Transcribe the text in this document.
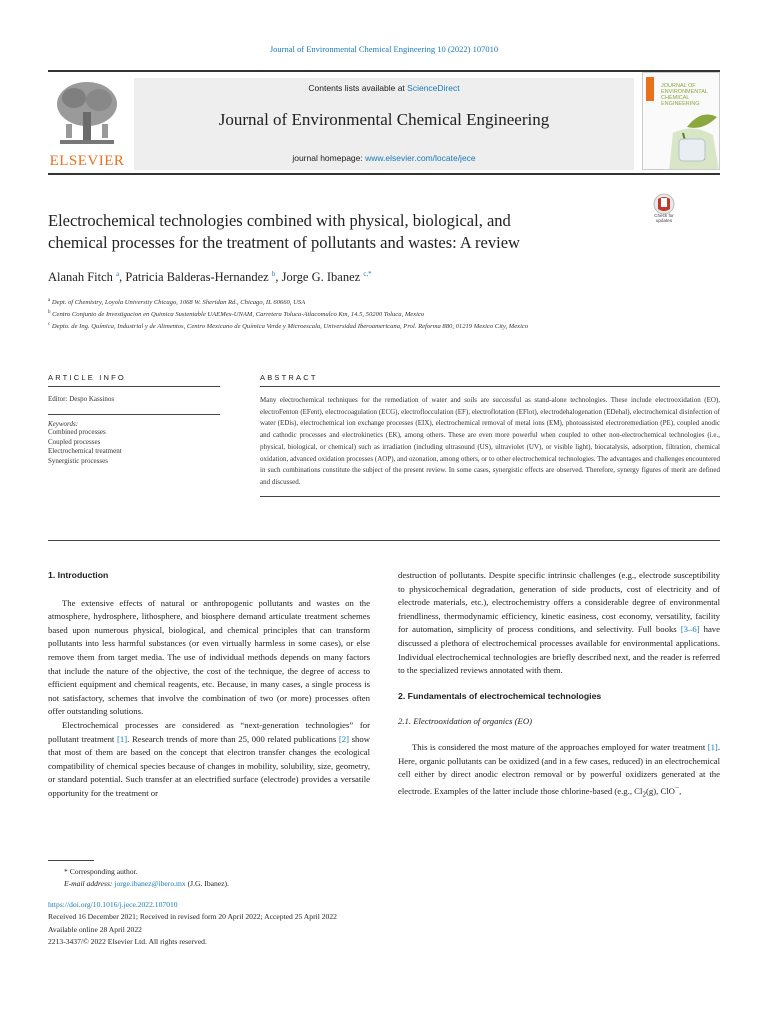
Journal of Environmental Chemical Engineering 10 (2022) 107010
ELSEVIER
Contents lists available at ScienceDirect
Journal of Environmental Chemical Engineering
journal homepage: www.elsevier.com/locate/jece
JOURNAL OF ENVIRONMENTAL CHEMICAL ENGINEERING
Electrochemical technologies combined with physical, biological, and
chemical processes for the treatment of pollutants and wastes: A review
Check for updates
Alanah Fitch $^a$, Patricia Balderas-Hernandez $^b$, Jorge G. Ibanez $^{c,*}$
$^a$ Dept. of Chemistry, Loyola University Chicago, 1068 W. Sheridan Rd., Chicago, IL 60660, USA
$^b$ Centro Conjunto de Investigacion en Quimica Sustentable UAEMex-UNAM, Carretera Toluca-Atlacomulco Km, 14.5, 50200 Toluca, Mexico
$^c$ Depto. de Ing. Química, Industrial y de Alimentos, Centro Mexicano de Química Verde y Microescala, Universidad Iberoamericana, Prol. Reforma 880, 01219 Mexico City, Mexico
ARTICLE INFO	ABSTRACT
Editor: Despo Kassinos
Keywords:
Combined processes
Coupled processes
Electrochemical treatment
Synergistic processes
Many electrochemical techniques for the remediation of water and soils are successful as stand-alone technologies. These include electrooxidation (EO), electroFenton (EFent), electrocoagulation (ECG), electroflocculation (EF), electroflotation (EFlot), electrodehalogenation (EDehal), electrochemical disinfection of water (EDis), electrochemical ion exchange processes (EIX), electrochemical removal of metal ions (EM), photoassisted electroremediation (PE), coupled anodic and cathodic processes and electrokinetics (EK), among others. These are even more powerful when coupled to other non-electrochemical technologies (i.e., physical, biological, or chemical) such as irradiation (including ultrasound (US), ultraviolet (UV), or visible light), biocatalysis, adsorption, filtration, chemical oxidation, advanced oxidation processes (AOP), and ozonation, among others, or to other electrochemical technologies. The advantages and challenges encountered in such combinations constitute the subject of the present review. In some cases, synergistic effects are observed. Therefore, synergy figures of merit are defined and discussed.

1. Introduction

The extensive effects of natural or anthropogenic pollutants and wastes on the atmosphere, hydrosphere, lithosphere, and biosphere demand articulate treatment schemes based upon numerous physical, biological, and chemical principles that can transform pollutants into less harmful substances (or even virtually harmless in some cases), or else remove them from target media. The use of individual methods depends on many factors that include the nature of the objective, the cost of the technique, the degree of access to efficient equipment and chemical reagents, etc. Because, in many cases, a single process is not satisfactory, schemes that involve the combination of two (or more) processes often offer outstanding solutions.

Electrochemical processes are considered as “next-generation technologies” for pollutant treatment [1]. Research trends of more than 25, 000 related publications [2] show that most of them are based on the concept that electron transfer changes the ecological compatibility of chemical species because of changes in mobility, solubility, size, geometry, or standard potential. Such transfer at an electrified surface (electrode) provides a versatile opportunity for the treatment or

destruction of pollutants. Despite specific intrinsic challenges (e.g., electrode susceptibility to physicochemical degradation, generation of side products, cost of electricity and of electrode materials, etc.), electrochemistry offers a considerable degree of environmental friendliness, thermodynamic efficiency, kinetic easiness, cost economy, versatility, facility for automation, simplicity of process conditions, and selectivity. Full books [3–6] have discussed a plethora of electrochemical processes available for environmental applications. Individual electrochemical technologies are briefly described next, and the reader is referred to the specialized reviews annotated with them.

2. Fundamentals of electrochemical technologies

2.1. Electrooxidation of organics (EO)

This is considered the most mature of the approaches employed for water treatment [1]. Here, organic pollutants can be oxidized (and in a few cases, reduced) in an electrochemical cell either by direct anodic electron removal or by powerful oxidizers generated at the electrode. Examples of the latter include those chlorine-based (e.g., $Cl_2(g)$, ClO−,

* Corresponding author.
E-mail address: jorge.ibanez@ibero.mx (J.G. Ibanez).
https://doi.org/10.1016/j.jece.2022.107010
Received 16 December 2021; Received in revised form 20 April 2022; Accepted 25 April 2022
Available online 28 April 2022
2213-3437/© 2022 Elsevier Ltd. All rights reserved.
